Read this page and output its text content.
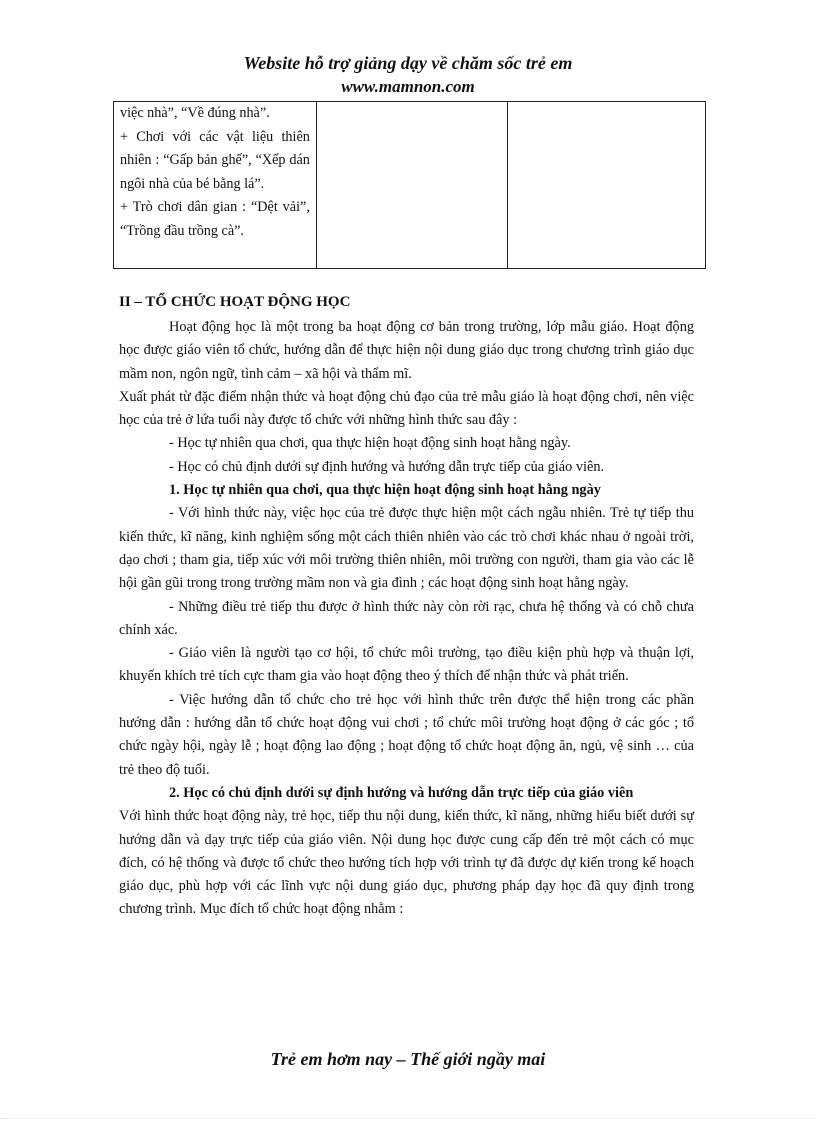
Website hỗ trợ giảng dạy về chăm sốc trẻ em
www.mamnon.com
việc nhà”, “Về đúng nhà”.
+ Chơi với các vật liệu thiên nhiên : “Gấp bản ghế”, “Xếp dán ngôi nhà của bé bằng lá”.
+ Trò chơi dân gian : “Dệt vải”, “Trồng đầu trồng cà”.

II – TỔ CHỨC HOẠT ĐỘNG HỌC

Hoạt động học là một trong ba hoạt động cơ bản trong trường, lớp mẫu giáo. Hoạt động học được giáo viên tổ chức, hướng dẫn để thực hiện nội dung giáo dục trong chương trình giáo dục mầm non, ngôn ngữ, tình cảm – xã hội và thẩm mĩ.

Xuất phát từ đặc điểm nhận thức và hoạt động chủ đạo của trẻ mẫu giáo là hoạt động chơi, nên việc học của trẻ ở lứa tuổi này được tổ chức với những hình thức sau đây :

- Học tự nhiên qua chơi, qua thực hiện hoạt động sinh hoạt hằng ngày.

- Học có chủ định dưới sự định hướng và hướng dẫn trực tiếp của giáo viên.

1. Học tự nhiên qua chơi, qua thực hiện hoạt động sinh hoạt hằng ngày

- Với hình thức này, việc học của trẻ được thực hiện một cách ngẫu nhiên. Trẻ tự tiếp thu kiến thức, kĩ năng, kinh nghiệm sống một cách thiên nhiên vào các trò chơi khác nhau ở ngoài trời, dạo chơi ; tham gia, tiếp xúc với môi trường thiên nhiên, môi trường con người, tham gia vào các lễ hội gần gũi trong trong trường mầm non và gia đình ; các hoạt động sinh hoạt hằng ngày.

- Những điều trẻ tiếp thu được ở hình thức này còn rời rạc, chưa hệ thống và có chỗ chưa chính xác.

- Giáo viên là người tạo cơ hội, tổ chức môi trường, tạo điều kiện phù hợp và thuận lợi, khuyến khích trẻ tích cực tham gia vào hoạt động theo ý thích để nhận thức và phát triển.

- Việc hướng dẫn tổ chức cho trẻ học với hình thức trên được thể hiện trong các phần hướng dẫn : hướng dẫn tổ chức hoạt động vui chơi ; tổ chức môi trường hoạt động ở các góc ; tổ chức ngày hội, ngày lễ ; hoạt động lao động ; hoạt động tổ chức hoạt động ăn, ngủ, vệ sinh … của trẻ theo độ tuổi.

2. Học có chủ định dưới sự định hướng và hướng dẫn trực tiếp của giáo viên

Với hình thức hoạt động này, trẻ học, tiếp thu nội dung, kiến thức, kĩ năng, những hiểu biết dưới sự hướng dẫn và dạy trực tiếp của giáo viên. Nội dung học được cung cấp đến trẻ một cách có mục đích, có hệ thống và được tổ chức theo hướng tích hợp với trình tự đã được dự kiến trong kế hoạch giáo dục, phù hợp với các lĩnh vực nội dung giáo dục, phương pháp dạy học đã quy định trong chương trình. Mục đích tổ chức hoạt động nhằm :

Trẻ em hơm nay – Thế giới ngầy mai
